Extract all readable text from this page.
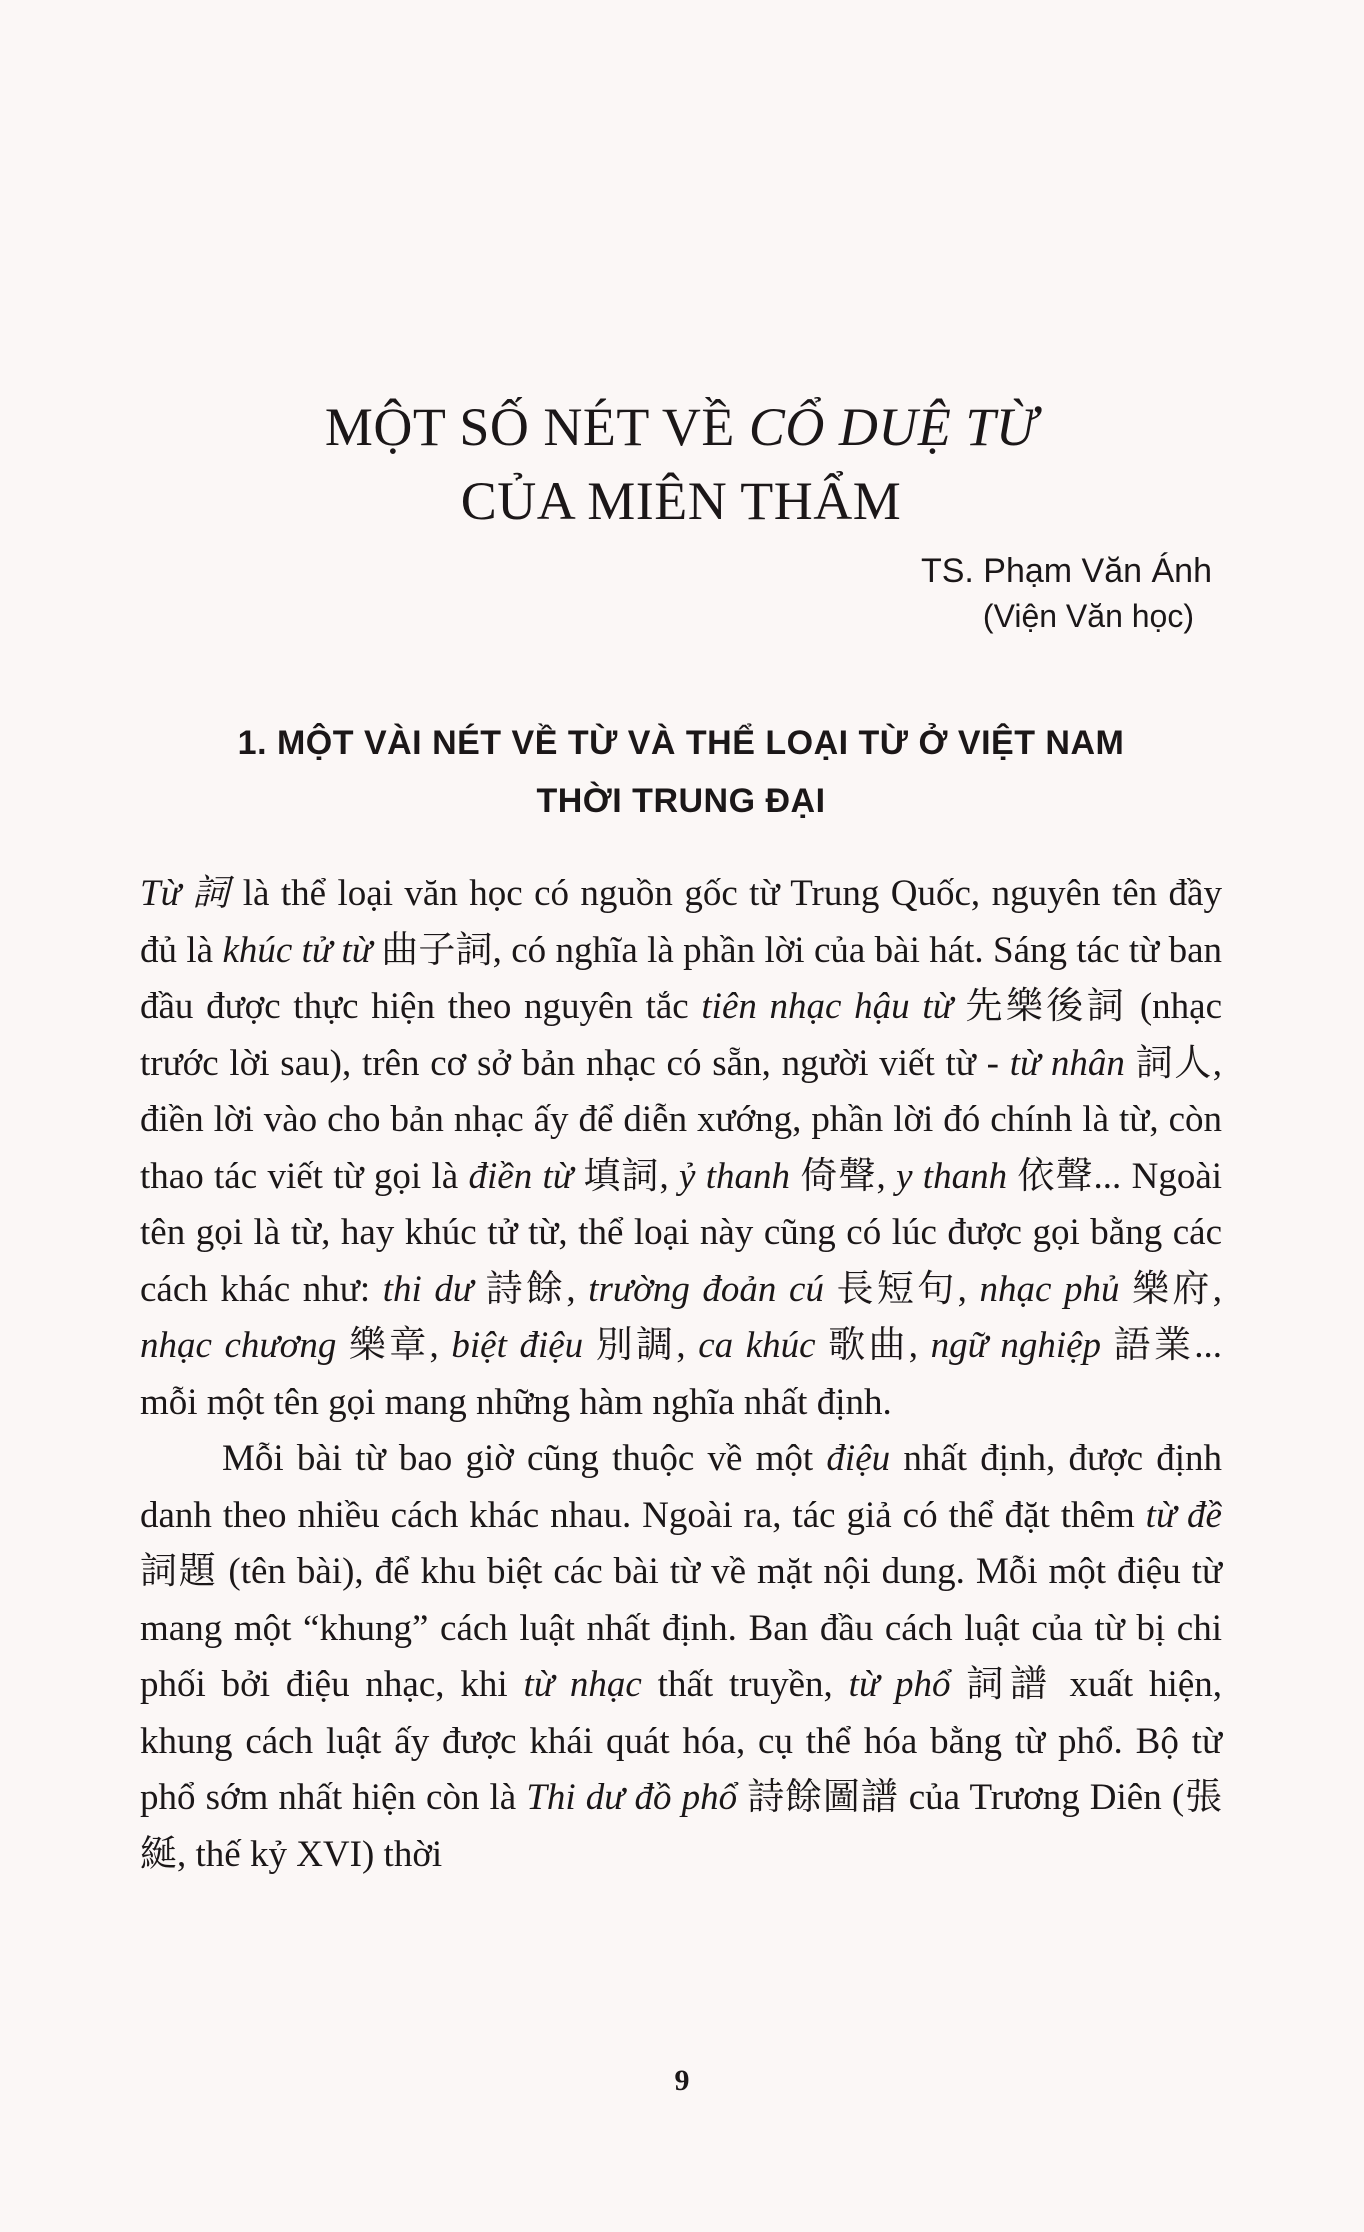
MỘT SỐ NÉT VỀ CỔ DUỆ TỪ
CỦA MIÊN THẨM
TS. Phạm Văn Ánh
(Viện Văn học)
1. MỘT VÀI NÉT VỀ TỪ VÀ THỂ LOẠI TỪ Ở VIỆT NAM
THỜI TRUNG ĐẠI

Từ 詞 là thể loại văn học có nguồn gốc từ Trung Quốc, nguyên tên đầy đủ là khúc tử từ 曲子詞, có nghĩa là phần lời của bài hát. Sáng tác từ ban đầu được thực hiện theo nguyên tắc tiên nhạc hậu từ 先樂後詞 (nhạc trước lời sau), trên cơ sở bản nhạc có sẵn, người viết từ - từ nhân 詞人, điền lời vào cho bản nhạc ấy để diễn xướng, phần lời đó chính là từ, còn thao tác viết từ gọi là điền từ 填詞, ỷ thanh 倚聲, y thanh 依聲... Ngoài tên gọi là từ, hay khúc tử từ, thể loại này cũng có lúc được gọi bằng các cách khác như: thi dư 詩餘, trường đoản cú 長短句, nhạc phủ 樂府, nhạc chương 樂章, biệt điệu 別調, ca khúc 歌曲, ngữ nghiệp 語業... mỗi một tên gọi mang những hàm nghĩa nhất định.

Mỗi bài từ bao giờ cũng thuộc về một điệu nhất định, được định danh theo nhiều cách khác nhau. Ngoài ra, tác giả có thể đặt thêm từ đề 詞題 (tên bài), để khu biệt các bài từ về mặt nội dung. Mỗi một điệu từ mang một “khung” cách luật nhất định. Ban đầu cách luật của từ bị chi phối bởi điệu nhạc, khi từ nhạc thất truyền, từ phổ 詞譜 xuất hiện, khung cách luật ấy được khái quát hóa, cụ thể hóa bằng từ phổ. Bộ từ phổ sớm nhất hiện còn là Thi dư đồ phổ 詩餘圖譜 của Trương Diên (張綖, thế kỷ XVI) thời

9
